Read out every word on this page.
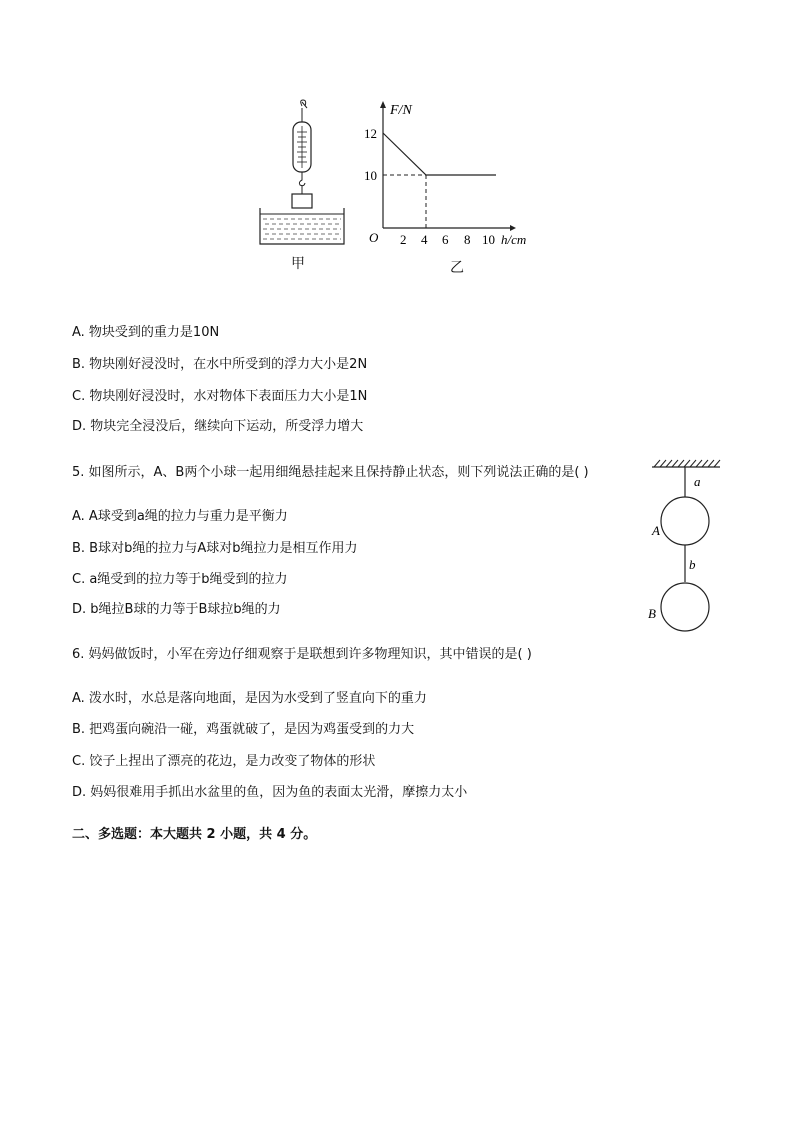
甲
F/N
12
10
O 2 4 6 8 10 h/cm
乙
A. 物块受到的重力是10N
B. 物块刚好浸没时，在水中所受到的浮力大小是2N
C. 物块刚好浸没时，水对物体下表面压力大小是1N
D. 物块完全浸没后，继续向下运动，所受浮力增大
5. 如图所示，A、B两个小球一起用细绳悬挂起来且保持静止状态，则下列说法正确的是( )
A. A球受到a绳的拉力与重力是平衡力
B. B球对b绳的拉力与A球对b绳拉力是相互作用力
C. a绳受到的拉力等于b绳受到的拉力
D. b绳拉B球的力等于B球拉b绳的力
a
A
b
B
6. 妈妈做饭时，小军在旁边仔细观察于是联想到许多物理知识，其中错误的是( )
A. 泼水时，水总是落向地面，是因为水受到了竖直向下的重力
B. 把鸡蛋向碗沿一碰，鸡蛋就破了，是因为鸡蛋受到的力大
C. 饺子上捏出了漂亮的花边，是力改变了物体的形状
D. 妈妈很难用手抓出水盆里的鱼，因为鱼的表面太光滑，摩擦力太小
二、多选题：本大题共 2 小题，共 4 分。
